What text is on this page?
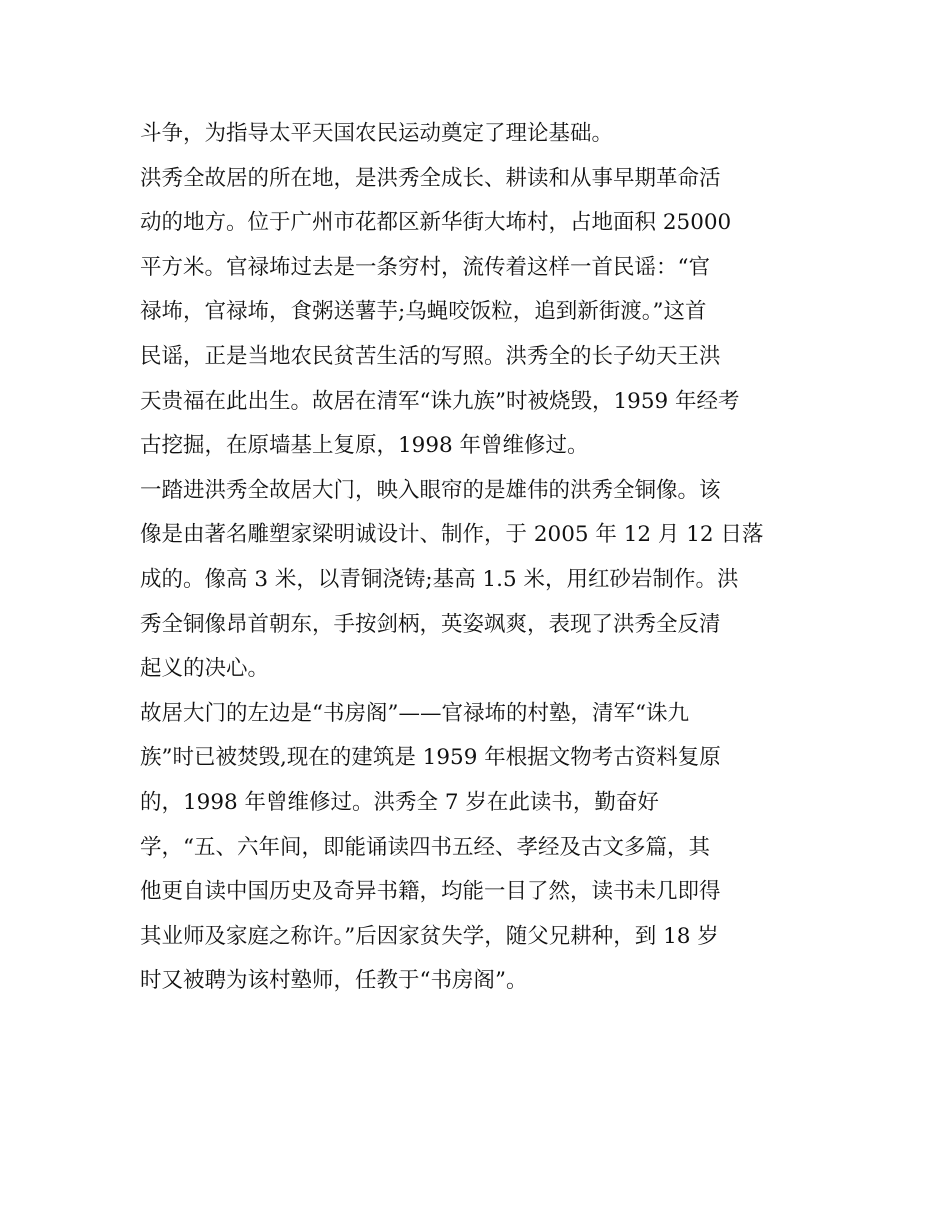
斗争，为指导太平天国农民运动奠定了理论基础。

洪秀全故居的所在地，是洪秀全成长、耕读和从事早期革命活

动的地方。位于广州市花都区新华街大㘵村，占地面积 25000

平方米。官禄㘵过去是一条穷村，流传着这样一首民谣：“官

禄㘵，官禄㘵，食粥送薯芋;乌蝇咬饭粒，追到新街渡。”这首

民谣，正是当地农民贫苦生活的写照。洪秀全的长子幼天王洪

天贵福在此出生。故居在清军“诛九族”时被烧毁，1959 年经考

古挖掘，在原墙基上复原，1998 年曾维修过。

一踏进洪秀全故居大门，映入眼帘的是雄伟的洪秀全铜像。该

像是由著名雕塑家梁明诚设计、制作，于 2005 年 12 月 12 日落

成的。像高 3 米，以青铜浇铸;基高 1.5 米，用红砂岩制作。洪

秀全铜像昂首朝东，手按剑柄，英姿飒爽，表现了洪秀全反清

起义的决心。

故居大门的左边是“书房阁”——官禄㘵的村塾，清军“诛九

族”时已被焚毁,现在的建筑是 1959 年根据文物考古资料复原

的，1998 年曾维修过。洪秀全 7 岁在此读书，勤奋好

学，“五、六年间，即能诵读四书五经、孝经及古文多篇，其

他更自读中国历史及奇异书籍，均能一目了然，读书未几即得

其业师及家庭之称许。”后因家贫失学，随父兄耕种，到 18 岁

时又被聘为该村塾师，任教于“书房阁”。
